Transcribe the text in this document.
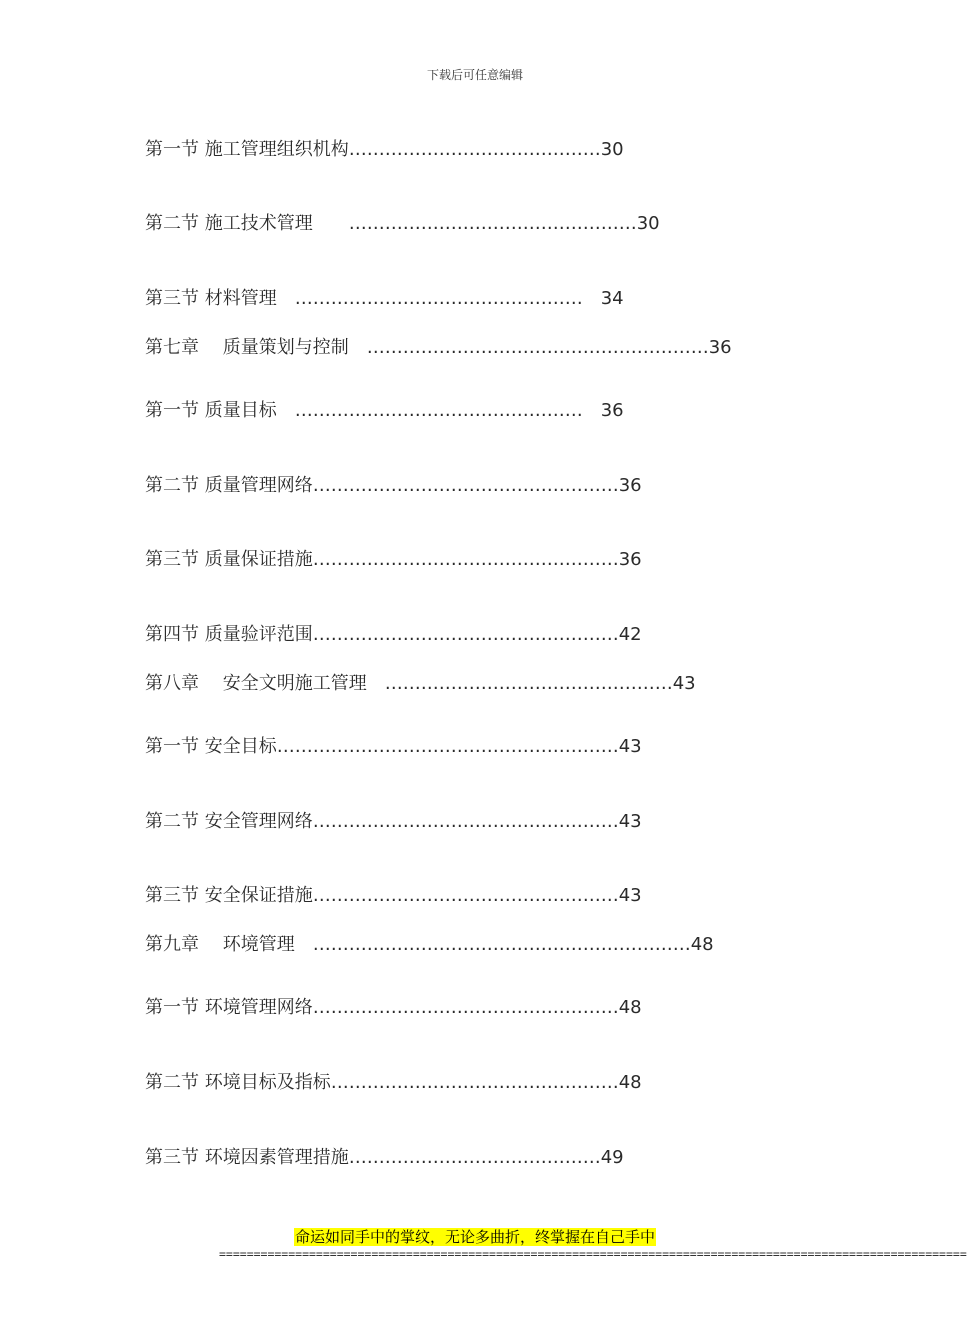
下载后可任意编辑
第一节 施工管理组织机构……………………………………30
第二节 施工技术管理　　…………………………………………30
第三节 材料管理　…………………………………………　34
第七章　 质量策划与控制　…………………………………………………36
第一节 质量目标　…………………………………………　36
第二节 质量管理网络……………………………………………36
第三节 质量保证措施……………………………………………36
第四节 质量验评范围……………………………………………42
第八章　 安全文明施工管理　…………………………………………43
第一节 安全目标…………………………………………………43
第二节 安全管理网络……………………………………………43
第三节 安全保证措施……………………………………………43
第九章　 环境管理　………………………………………………………48
第一节 环境管理网络……………………………………………48
第二节 环境目标及指标…………………………………………48
第三节 环境因素管理措施……………………………………49
命运如同手中的掌纹，无论多曲折，终掌握在自己手中
============================================================================================================
